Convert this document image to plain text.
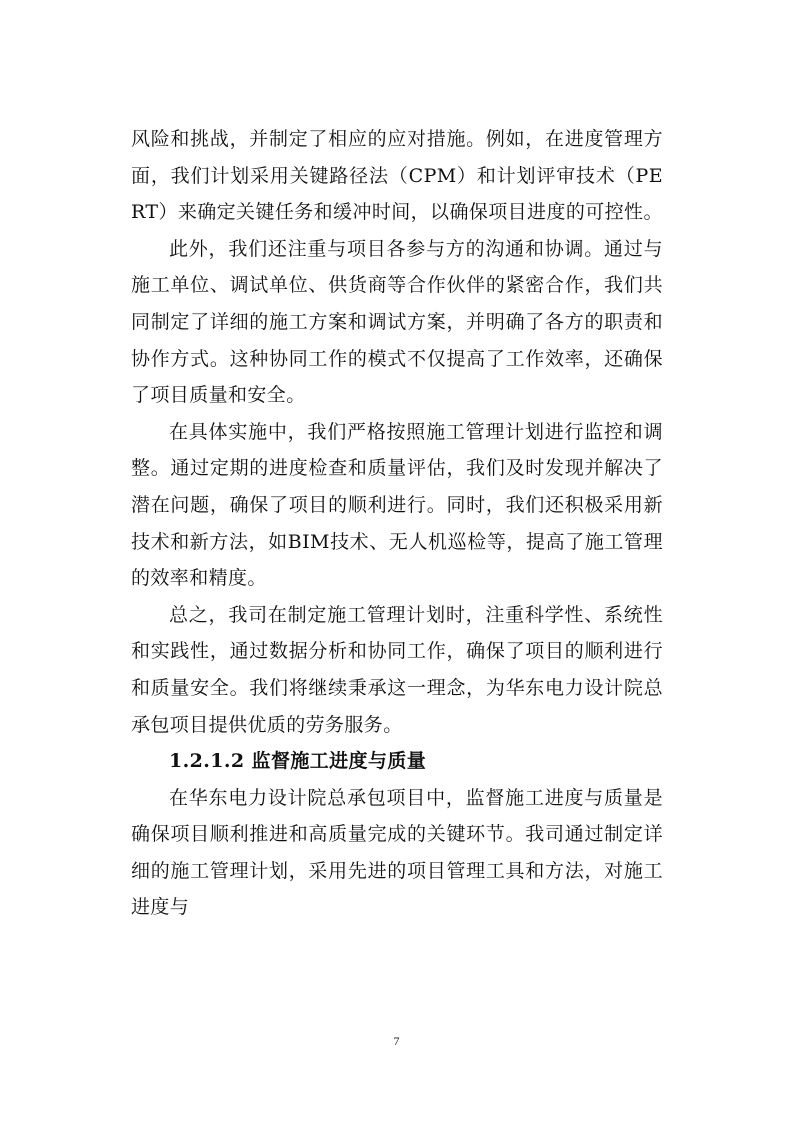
风险和挑战，并制定了相应的应对措施。例如，在进度管理方面，我们计划采用关键路径法（CPM）和计划评审技术（PERT）来确定关键任务和缓冲时间，以确保项目进度的可控性。

此外，我们还注重与项目各参与方的沟通和协调。通过与施工单位、调试单位、供货商等合作伙伴的紧密合作，我们共同制定了详细的施工方案和调试方案，并明确了各方的职责和协作方式。这种协同工作的模式不仅提高了工作效率，还确保了项目质量和安全。

在具体实施中，我们严格按照施工管理计划进行监控和调整。通过定期的进度检查和质量评估，我们及时发现并解决了潜在问题，确保了项目的顺利进行。同时，我们还积极采用新技术和新方法，如BIM技术、无人机巡检等，提高了施工管理的效率和精度。

总之，我司在制定施工管理计划时，注重科学性、系统性和实践性，通过数据分析和协同工作，确保了项目的顺利进行和质量安全。我们将继续秉承这一理念，为华东电力设计院总承包项目提供优质的劳务服务。

1.2.1.2 监督施工进度与质量

在华东电力设计院总承包项目中，监督施工进度与质量是确保项目顺利推进和高质量完成的关键环节。我司通过制定详细的施工管理计划，采用先进的项目管理工具和方法，对施工进度与

7
